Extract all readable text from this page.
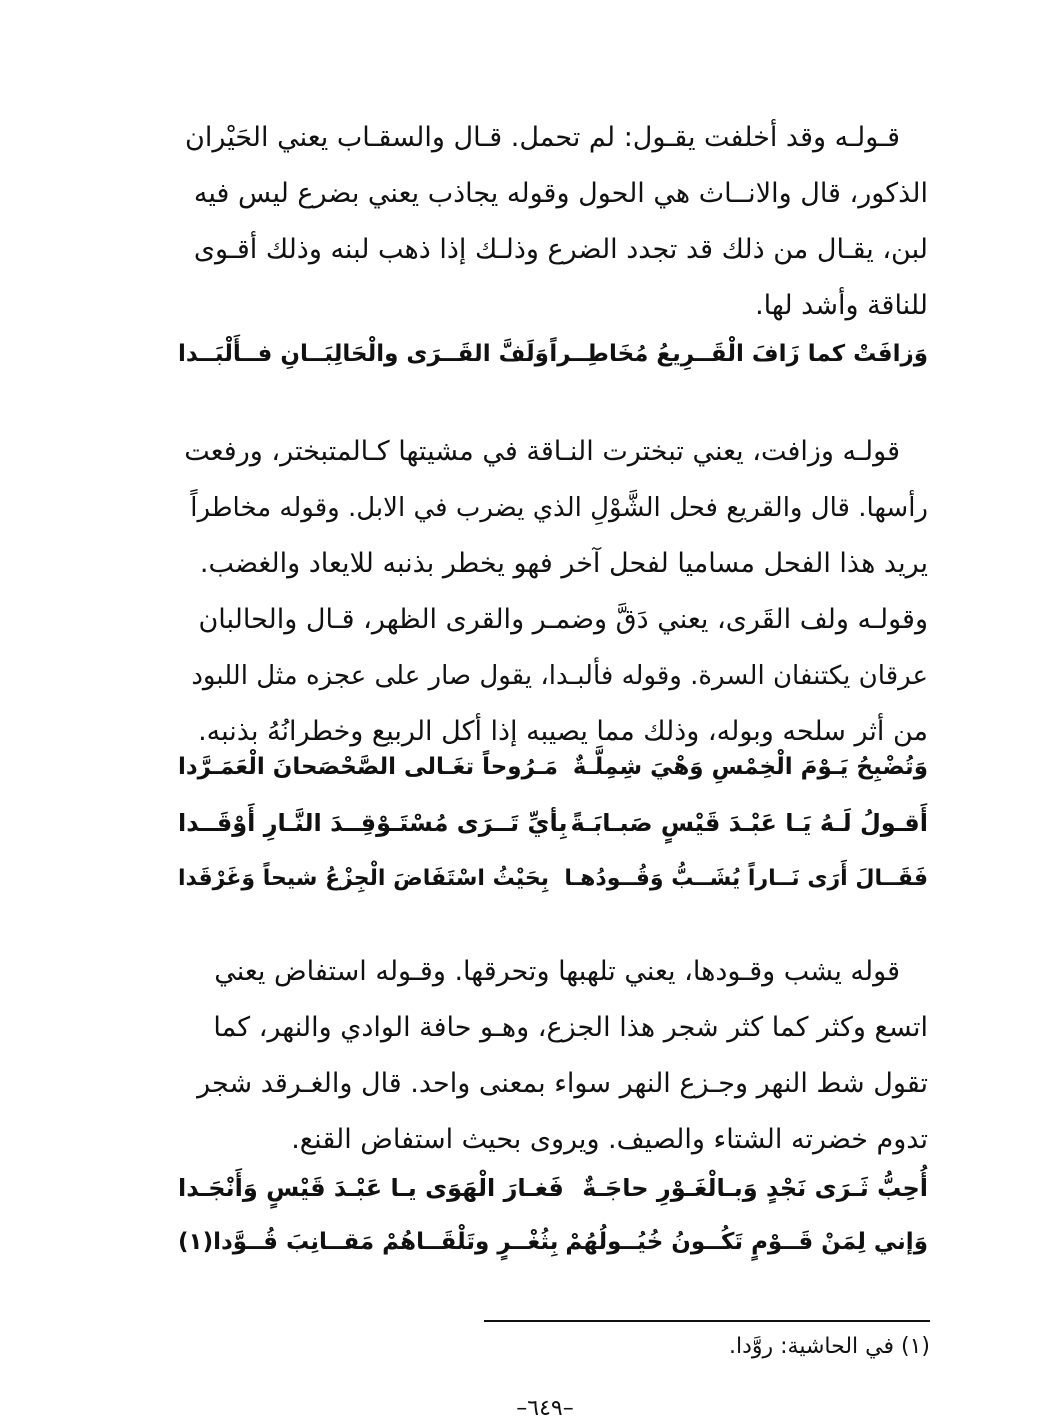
قـولـه وقد أخلفت يقـول: لم تحمل. قـال والسقـاب يعني الحَيْران

الذكور، قال والانــاث هي الحول وقوله يجاذب يعني بضرع ليس فيه

لبن، يقـال من ذلك قد تجدد الضرع وذلـك إذا ذهب لبنه وذلك أقـوى

للناقة وأشد لها.

وَزافَتْ كما زَافَ الْقَــرِيعُ مُخَاطِــراً
وَلَفَّ القَــرَى والْحَالِبَــانِ فــأَلْبَــدا

قولـه وزافت، يعني تبخترت النـاقة في مشيتها كـالمتبختر، ورفعت

رأسها. قال والقريع فحل الشَّوْلِ الذي يضرب في الابل. وقوله مخاطراً

يريد هذا الفحل مساميا لفحل آخر فهو يخطر بذنبه للايعاد والغضب.

وقولـه ولف القَرى، يعني دَقَّ وضمـر والقرى الظهر، قـال والحالبان

عرقان يكتنفان السرة. وقوله فألبـدا، يقول صار على عجزه مثل اللبود

من أثر سلحه وبوله، وذلك مما يصيبه إذا أكل الربيع وخطرانُهُ بذنبه.

وَتُضْبِحُ يَـوْمَ الْخِمْسِ وَهْيَ شِمِلَّـةٌ
مَـرُوحاً تغَـالى الصَّحْصَحانَ الْعَمَـرَّدا
أَقـولُ لَـهُ يَـا عَبْـدَ قَيْسٍ صَبـابَـةً
بِأيِّ تَــرَى مُسْتَـوْقِــدَ النَّـارِ أَوْقَــدا
فَقَــالَ أَرَى نَــاراً يُشَــبُّ وَقُــودُهـا
بِحَيْثُ اسْتَفَاضَ الْجِزْعُ شيحاً وَغَرْقَدا

قوله يشب وقـودها، يعني تلهبها وتحرقها. وقـوله استفاض يعني

اتسع وكثر كما كثر شجر هذا الجزع، وهـو حافة الوادي والنهر، كما

تقول شط النهر وجـزع النهر سواء بمعنى واحد. قال والغـرقد شجر

تدوم خضرته الشتاء والصيف. ويروى بحيث استفاض القنع.

أُحِبُّ ثَـرَى نَجْدٍ وَبـالْغَـوْرِ حاجَـةٌ
فَغـارَ الْهَوَى يـا عَبْـدَ قَيْسٍ وَأَنْجَـدا
وَإني لِمَنْ قَــوْمٍ تَكُــونُ خُيُــولُهُمْ
بِثُغْــرٍ وتَلْقَــاهُمْ مَقــانِبَ قُــوَّدا(١)
(١) في الحاشية: روَّدا.
–٦٤٩–
